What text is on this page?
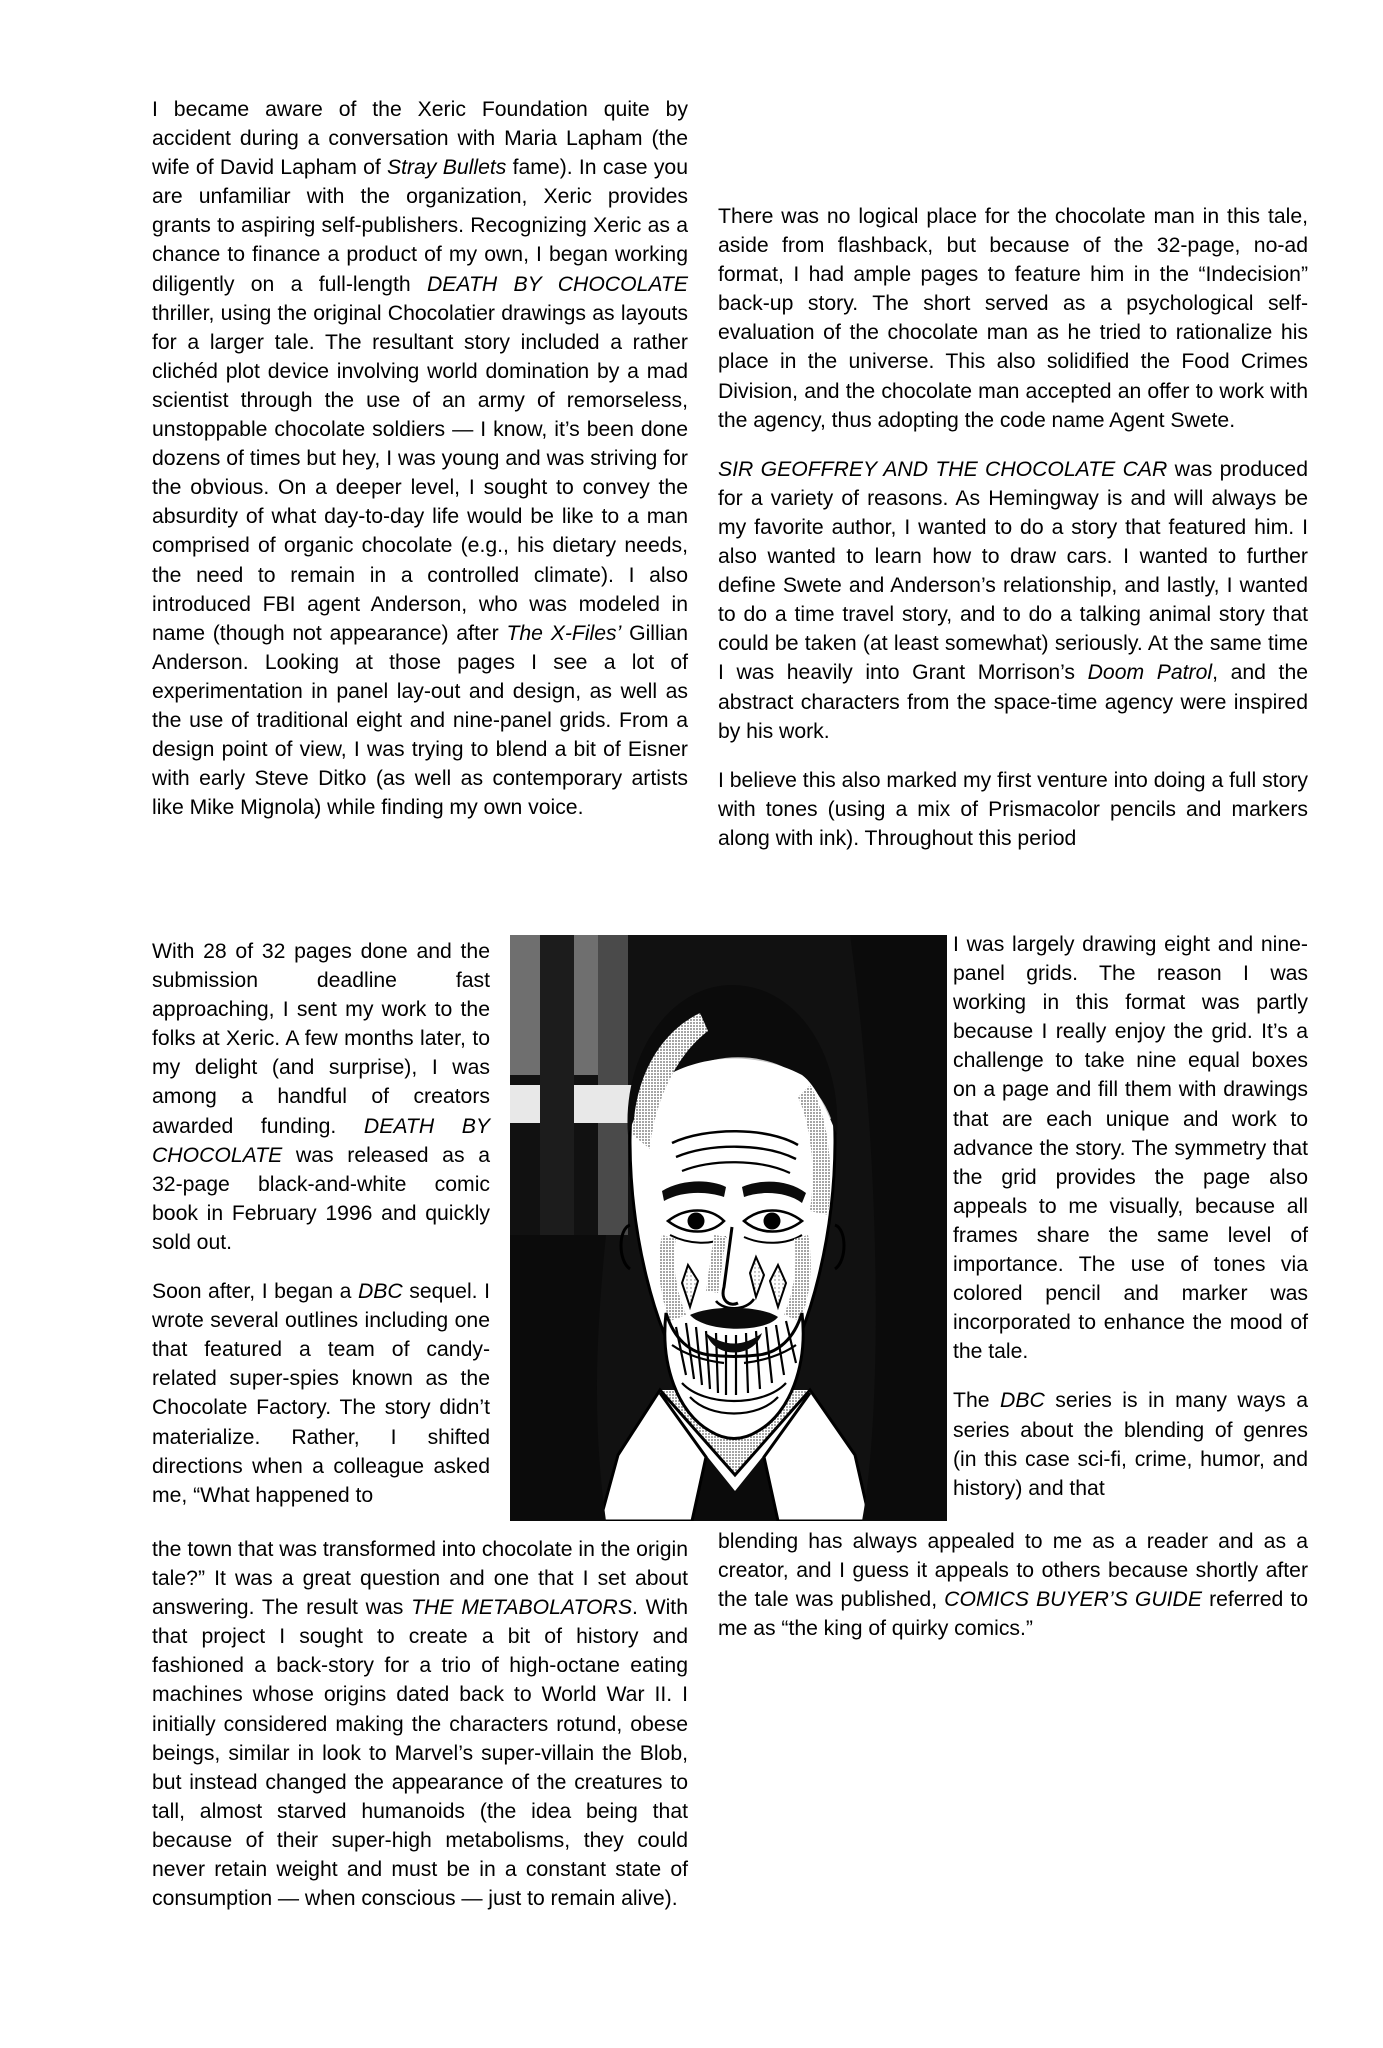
I became aware of the Xeric Foundation quite by accident during a conversation with Maria Lapham (the wife of David Lapham of Stray Bullets fame). In case you are unfamiliar with the organization, Xeric provides grants to aspiring self-publishers. Recognizing Xeric as a chance to finance a product of my own, I began working diligently on a full-length DEATH BY CHOCOLATE thriller, using the original Chocolatier drawings as layouts for a larger tale. The resultant story included a rather clichéd plot device involving world domination by a mad scientist through the use of an army of remorseless, unstoppable chocolate soldiers — I know, it’s been done dozens of times but hey, I was young and was striving for the obvious. On a deeper level, I sought to convey the absurdity of what day-to-day life would be like to a man comprised of organic chocolate (e.g., his dietary needs, the need to remain in a controlled climate). I also introduced FBI agent Anderson, who was modeled in name (though not appearance) after The X-Files’ Gillian Anderson. Looking at those pages I see a lot of experimentation in panel lay-out and design, as well as the use of traditional eight and nine-panel grids. From a design point of view, I was trying to blend a bit of Eisner with early Steve Ditko (as well as contemporary artists like Mike Mignola) while finding my own voice.

There was no logical place for the chocolate man in this tale, aside from flashback, but because of the 32-page, no-ad format, I had ample pages to feature him in the “Indecision” back-up story. The short served as a psychological self-evaluation of the chocolate man as he tried to rationalize his place in the universe. This also solidified the Food Crimes Division, and the chocolate man accepted an offer to work with the agency, thus adopting the code name Agent Swete.

SIR GEOFFREY AND THE CHOCOLATE CAR was produced for a variety of reasons. As Hemingway is and will always be my favorite author, I wanted to do a story that featured him. I also wanted to learn how to draw cars. I wanted to further define Swete and Anderson’s relationship, and lastly, I wanted to do a time travel story, and to do a talking animal story that could be taken (at least somewhat) seriously. At the same time I was heavily into Grant Morrison’s Doom Patrol, and the abstract characters from the space-time agency were inspired by his work.

I believe this also marked my first venture into doing a full story with tones (using a mix of Prismacolor pencils and markers along with ink). Throughout this period

With 28 of 32 pages done and the submission deadline fast approaching, I sent my work to the folks at Xeric. A few months later, to my delight (and surprise), I was among a handful of creators awarded funding. DEATH BY CHOCOLATE was released as a 32-page black-and-white comic book in February 1996 and quickly sold out.

Soon after, I began a DBC sequel. I wrote several outlines including one that featured a team of candy-related super-spies known as the Chocolate Factory. The story didn’t materialize. Rather, I shifted directions when a colleague asked me, “What happened to

I was largely drawing eight and nine-panel grids. The reason I was working in this format was partly because I really enjoy the grid. It’s a challenge to take nine equal boxes on a page and fill them with drawings that are each unique and work to advance the story. The symmetry that the grid provides the page also appeals to me visually, because all frames share the same level of importance. The use of tones via colored pencil and marker was incorporated to enhance the mood of the tale.

The DBC series is in many ways a series about the blending of genres (in this case sci-fi, crime, humor, and history) and that

the town that was transformed into chocolate in the origin tale?” It was a great question and one that I set about answering. The result was THE METABOLATORS. With that project I sought to create a bit of history and fashioned a back-story for a trio of high-octane eating machines whose origins dated back to World War II. I initially considered making the characters rotund, obese beings, similar in look to Marvel’s super-villain the Blob, but instead changed the appearance of the creatures to tall, almost starved humanoids (the idea being that because of their super-high metabolisms, they could never retain weight and must be in a constant state of consumption — when conscious — just to remain alive).

blending has always appealed to me as a reader and as a creator, and I guess it appeals to others because shortly after the tale was published, COMICS BUYER’S GUIDE referred to me as “the king of quirky comics.”
